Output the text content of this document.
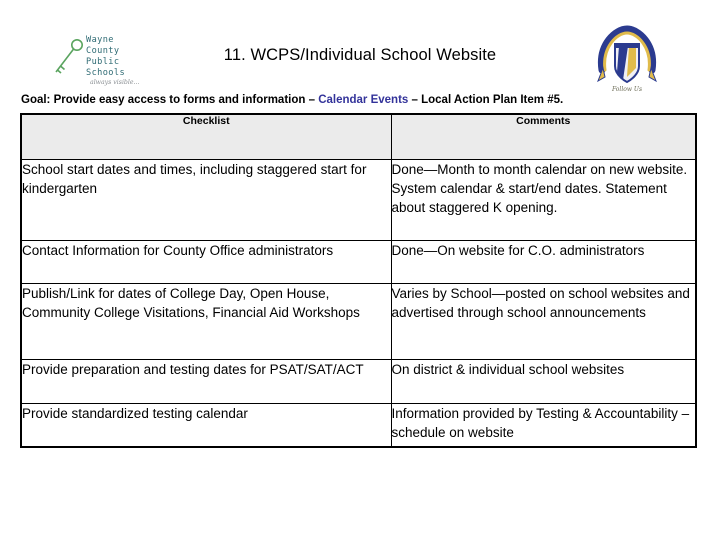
Wayne
County
Public
Schools
always visible...
11. WCPS/Individual School Website
Follow Us
Goal: Provide easy access to forms and information – Calendar Events – Local Action Plan Item #5.
Checklist	Comments
School start dates and times, including staggered start for kindergarten	Done—Month to month calendar on new website. System calendar & start/end dates. Statement about staggered K opening.
Contact Information for County Office administrators	Done—On website for C.O. administrators
Publish/Link for dates of College Day, Open House, Community College Visitations, Financial Aid Workshops	Varies by School—posted on school websites and advertised through school announcements
Provide preparation and testing dates for PSAT/SAT/ACT	On district & individual school websites
Provide standardized testing calendar	Information provided by Testing & Accountability – schedule on website
